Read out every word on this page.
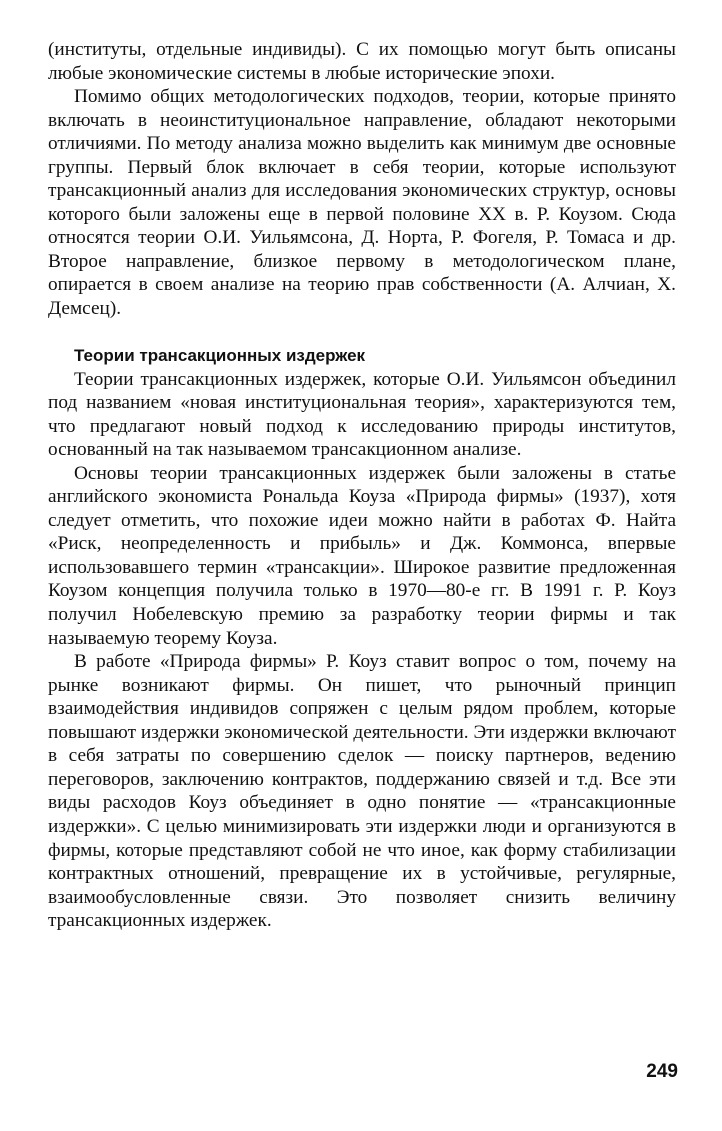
(институты, отдельные индивиды). С их помощью могут быть описаны любые экономические системы в любые исторические эпохи.

Помимо общих методологических подходов, теории, которые принято включать в неоинституциональное направление, обладают некоторыми отличиями. По методу анализа можно выделить как минимум две основные группы. Первый блок включает в себя теории, которые используют трансакционный анализ для исследования экономических структур, основы которого были заложены еще в первой половине XX в. Р. Коузом. Сюда относятся теории О.И. Уильямсона, Д. Норта, Р. Фогеля, Р. Томаса и др. Второе направление, близкое первому в методологическом плане, опирается в своем анализе на теорию прав собственности (А. Алчиан, Х. Демсец).

Теории трансакционных издержек

Теории трансакционных издержек, которые О.И. Уильямсон объединил под названием «новая институциональная теория», характеризуются тем, что предлагают новый подход к исследованию природы институтов, основанный на так называемом трансакционном анализе.

Основы теории трансакционных издержек были заложены в статье английского экономиста Рональда Коуза «Природа фирмы» (1937), хотя следует отметить, что похожие идеи можно найти в работах Ф. Найта «Риск, неопределенность и прибыль» и Дж. Коммонса, впервые использовавшего термин «трансакции». Широкое развитие предложенная Коузом концепция получила только в 1970—80-е гг. В 1991 г. Р. Коуз получил Нобелевскую премию за разработку теории фирмы и так называемую теорему Коуза.

В работе «Природа фирмы» Р. Коуз ставит вопрос о том, почему на рынке возникают фирмы. Он пишет, что рыночный принцип взаимодействия индивидов сопряжен с целым рядом проблем, которые повышают издержки экономической деятельности. Эти издержки включают в себя затраты по совершению сделок — поиску партнеров, ведению переговоров, заключению контрактов, поддержанию связей и т.д. Все эти виды расходов Коуз объединяет в одно понятие — «трансакционные издержки». С целью минимизировать эти издержки люди и организуются в фирмы, которые представляют собой не что иное, как форму стабилизации контрактных отношений, превращение их в устойчивые, регулярные, взаимообусловленные связи. Это позволяет снизить величину трансакционных издержек.

249
